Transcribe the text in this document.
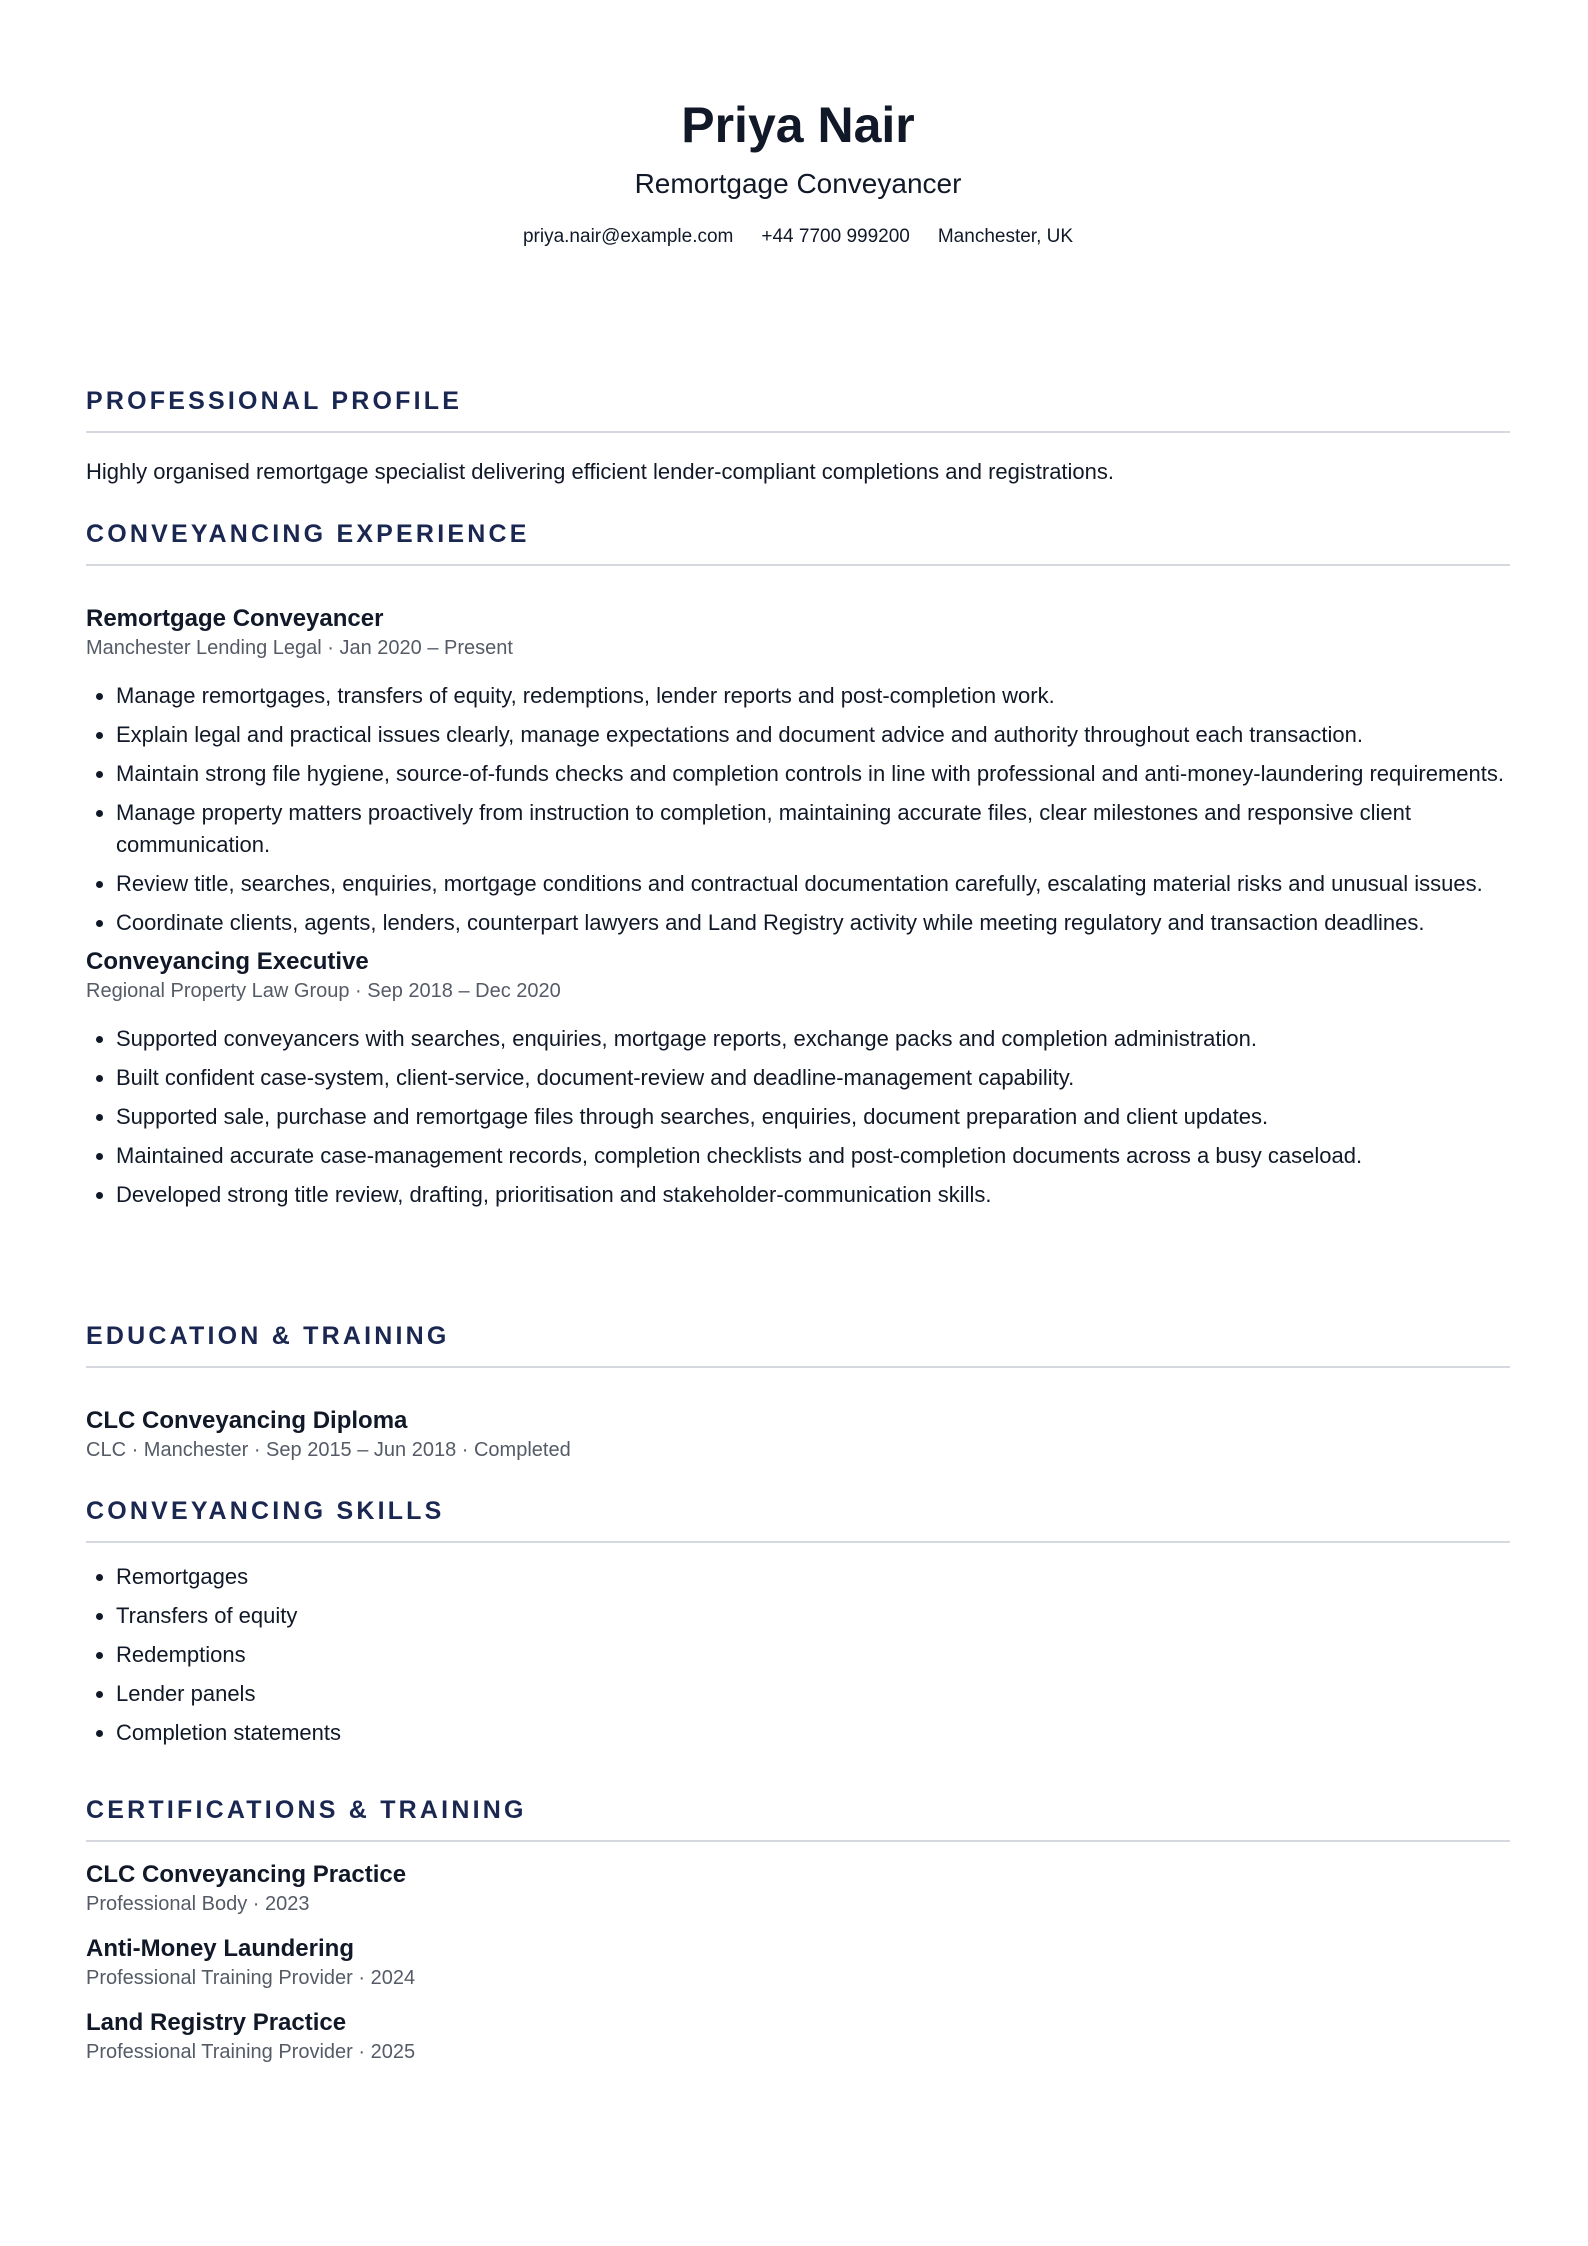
Priya Nair
Remortgage Conveyancer
priya.nair@example.com +44 7700 999200 Manchester, UK
PROFESSIONAL PROFILE
Highly organised remortgage specialist delivering efficient lender-compliant completions and registrations.
CONVEYANCING EXPERIENCE
Remortgage Conveyancer
Manchester Lending Legal · Jan 2020 – Present
• Manage remortgages, transfers of equity, redemptions, lender reports and post-completion work.
• Explain legal and practical issues clearly, manage expectations and document advice and authority throughout each transaction.
• Maintain strong file hygiene, source-of-funds checks and completion controls in line with professional and anti-money-laundering requirements.
• Manage property matters proactively from instruction to completion, maintaining accurate files, clear milestones and responsive client communication.
• Review title, searches, enquiries, mortgage conditions and contractual documentation carefully, escalating material risks and unusual issues.
• Coordinate clients, agents, lenders, counterpart lawyers and Land Registry activity while meeting regulatory and transaction deadlines.
Conveyancing Executive
Regional Property Law Group · Sep 2018 – Dec 2020
• Supported conveyancers with searches, enquiries, mortgage reports, exchange packs and completion administration.
• Built confident case-system, client-service, document-review and deadline-management capability.
• Supported sale, purchase and remortgage files through searches, enquiries, document preparation and client updates.
• Maintained accurate case-management records, completion checklists and post-completion documents across a busy caseload.
• Developed strong title review, drafting, prioritisation and stakeholder-communication skills.
EDUCATION & TRAINING
CLC Conveyancing Diploma
CLC · Manchester · Sep 2015 – Jun 2018 · Completed
CONVEYANCING SKILLS
• Remortgages
• Transfers of equity
• Redemptions
• Lender panels
• Completion statements
CERTIFICATIONS & TRAINING
CLC Conveyancing Practice
Professional Body · 2023
Anti-Money Laundering
Professional Training Provider · 2024
Land Registry Practice
Professional Training Provider · 2025
